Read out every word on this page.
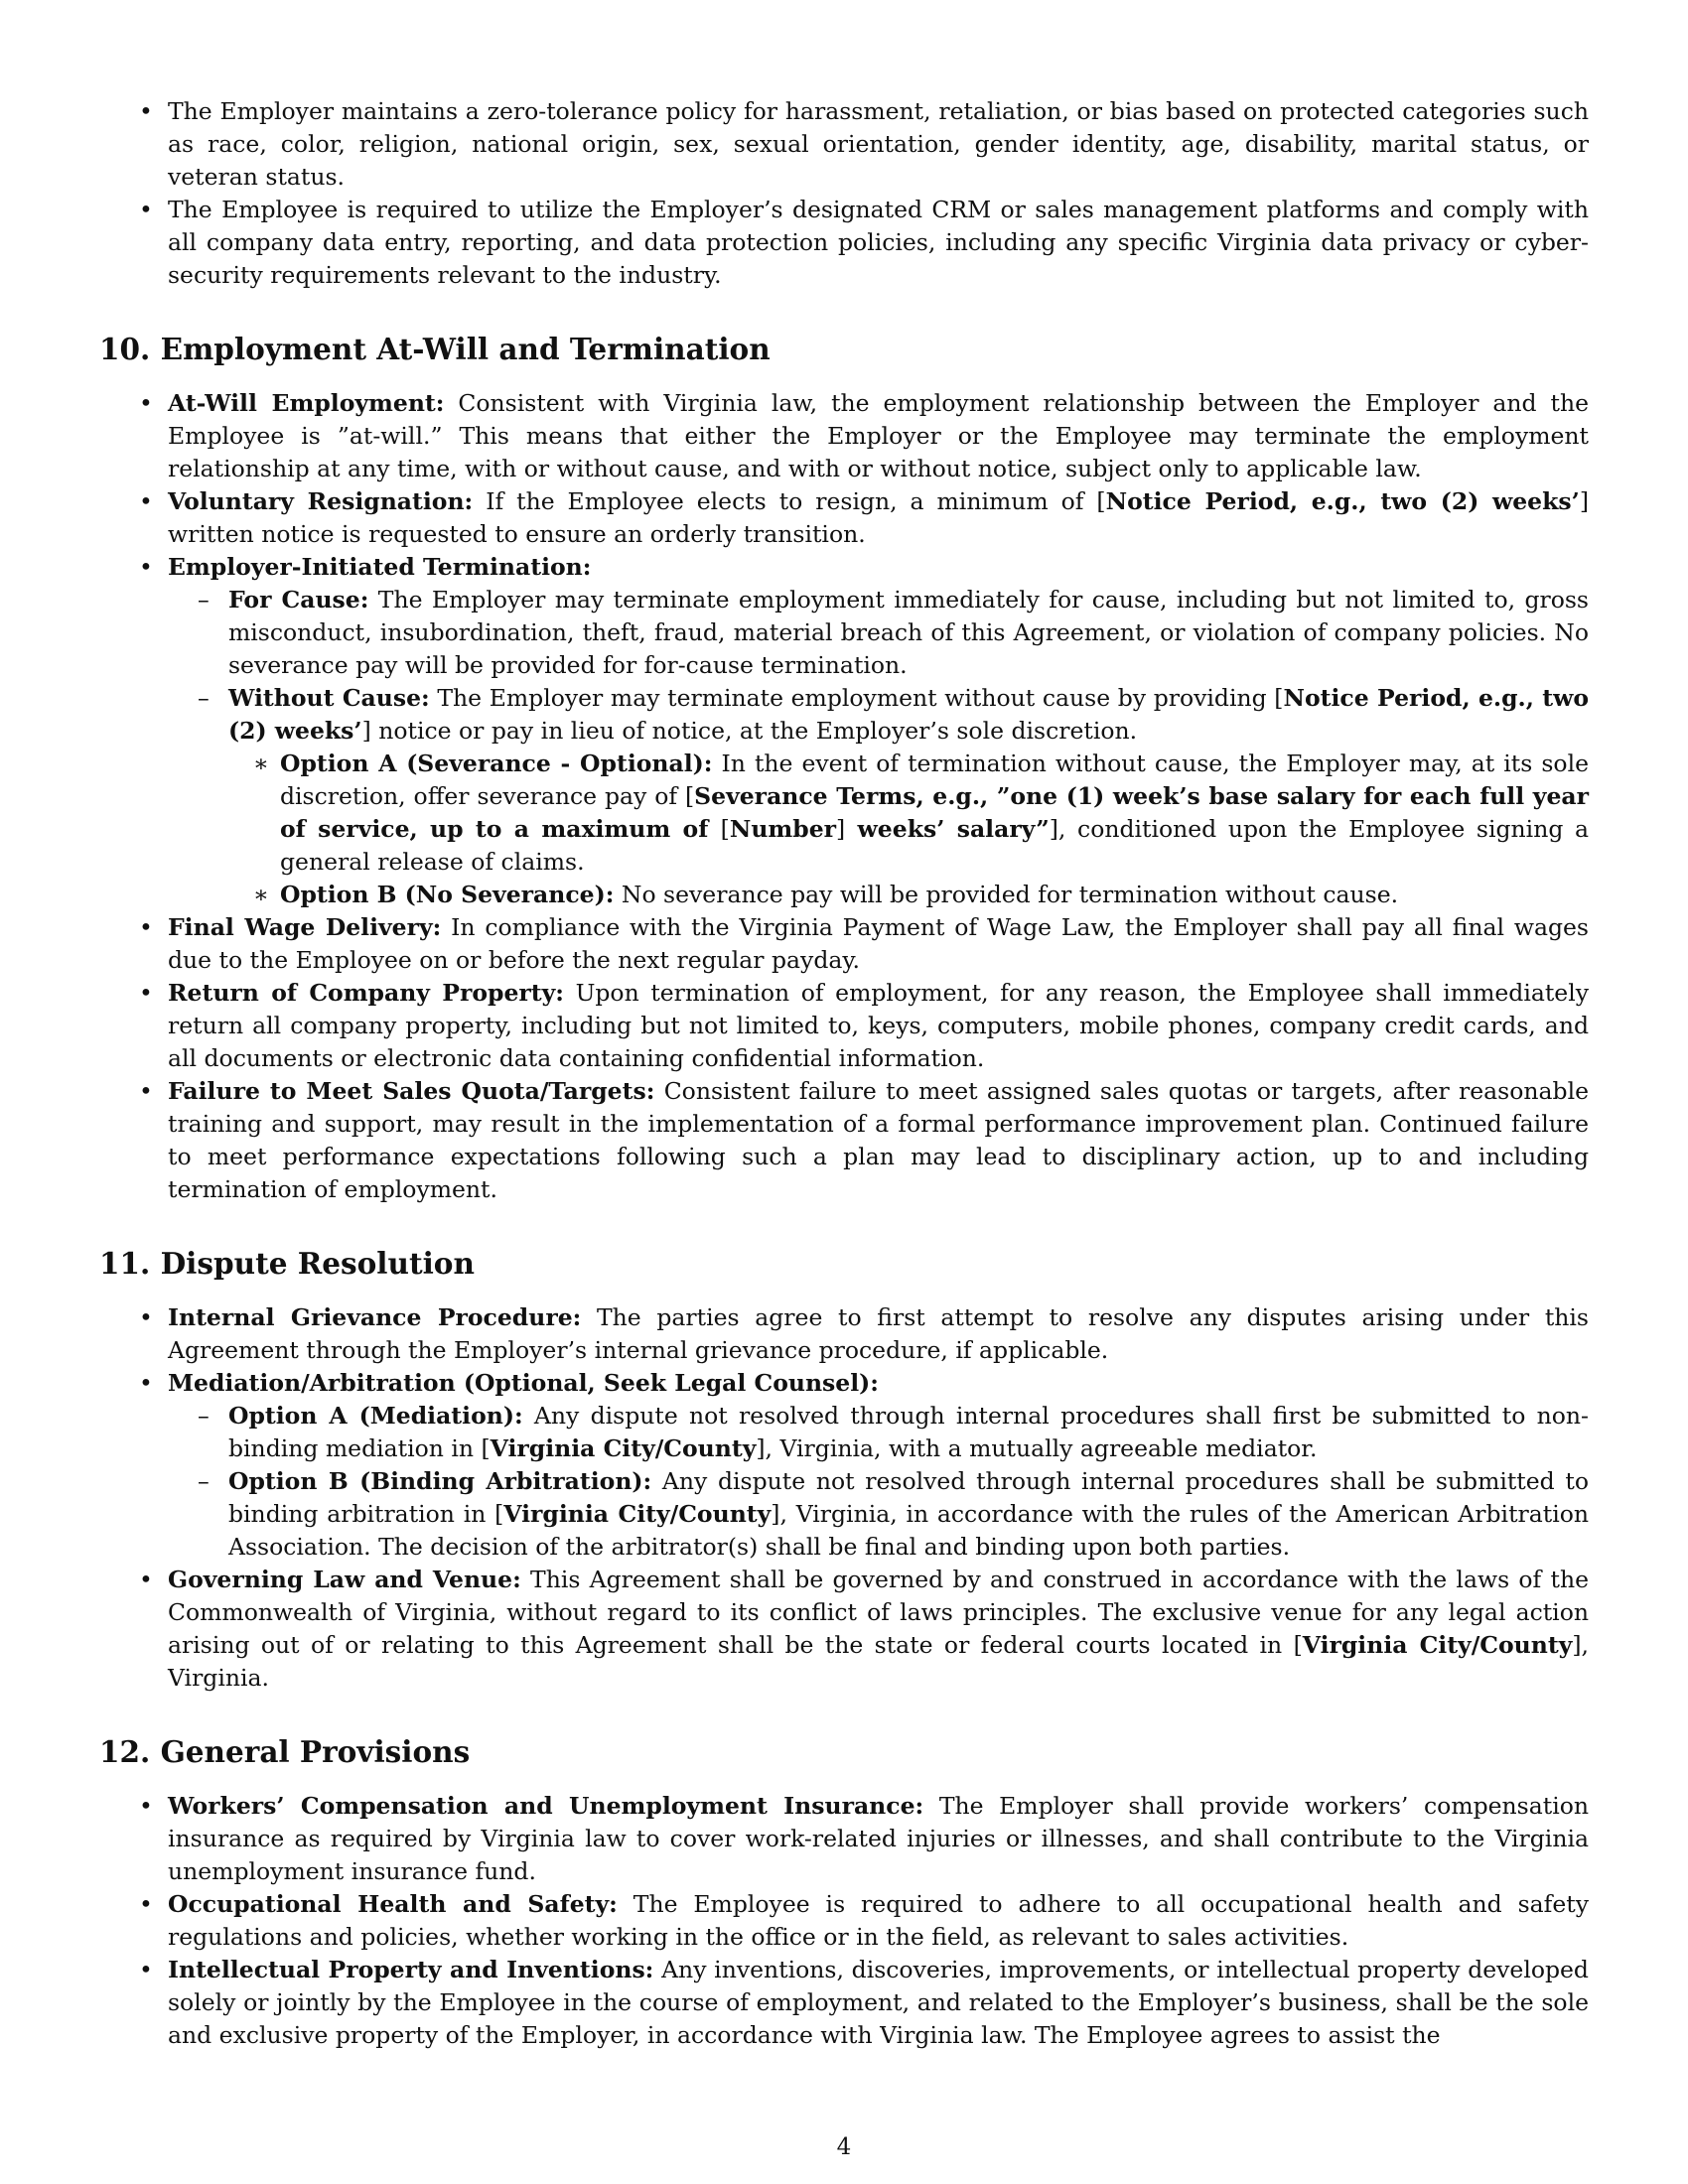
• The Employer maintains a zero-tolerance policy for harassment, retaliation, or bias based on protected categories such as race, color, religion, national origin, sex, sexual orientation, gender identity, age, disability, marital status, or veteran status.
• The Employee is required to utilize the Employer’s designated CRM or sales management platforms and comply with all company data entry, reporting, and data protection policies, including any specific Virginia data privacy or cyber-security requirements relevant to the industry.
10. Employment At-Will and Termination
• At-Will Employment: Consistent with Virginia law, the employment relationship between the Employer and the Employee is ”at-will.” This means that either the Employer or the Employee may terminate the employment relationship at any time, with or without cause, and with or without notice, subject only to applicable law.
• Voluntary Resignation: If the Employee elects to resign, a minimum of [Notice Period, e.g., two (2) weeks’] written notice is requested to ensure an orderly transition.
• Employer-Initiated Termination:
– For Cause: The Employer may terminate employment immediately for cause, including but not limited to, gross misconduct, insubordination, theft, fraud, material breach of this Agreement, or violation of company policies. No severance pay will be provided for for-cause termination.
– Without Cause: The Employer may terminate employment without cause by providing [Notice Period, e.g., two (2) weeks’] notice or pay in lieu of notice, at the Employer’s sole discretion.
∗ Option A (Severance - Optional): In the event of termination without cause, the Employer may, at its sole discretion, offer severance pay of [Severance Terms, e.g., ”one (1) week’s base salary for each full year of service, up to a maximum of [Number] weeks’ salary”], conditioned upon the Employee signing a general release of claims.
∗ Option B (No Severance): No severance pay will be provided for termination without cause.
• Final Wage Delivery: In compliance with the Virginia Payment of Wage Law, the Employer shall pay all final wages due to the Employee on or before the next regular payday.
• Return of Company Property: Upon termination of employment, for any reason, the Employee shall immediately return all company property, including but not limited to, keys, computers, mobile phones, company credit cards, and all documents or electronic data containing confidential information.
• Failure to Meet Sales Quota/Targets: Consistent failure to meet assigned sales quotas or targets, after reasonable training and support, may result in the implementation of a formal performance improvement plan. Continued failure to meet performance expectations following such a plan may lead to disciplinary action, up to and including termination of employment.
11. Dispute Resolution
• Internal Grievance Procedure: The parties agree to first attempt to resolve any disputes arising under this Agreement through the Employer’s internal grievance procedure, if applicable.
• Mediation/Arbitration (Optional, Seek Legal Counsel):
– Option A (Mediation): Any dispute not resolved through internal procedures shall first be submitted to non-binding mediation in [Virginia City/County], Virginia, with a mutually agreeable mediator.
– Option B (Binding Arbitration): Any dispute not resolved through internal procedures shall be submitted to binding arbitration in [Virginia City/County], Virginia, in accordance with the rules of the American Arbitration Association. The decision of the arbitrator(s) shall be final and binding upon both parties.
• Governing Law and Venue: This Agreement shall be governed by and construed in accordance with the laws of the Commonwealth of Virginia, without regard to its conflict of laws principles. The exclusive venue for any legal action arising out of or relating to this Agreement shall be the state or federal courts located in [Virginia City/County], Virginia.
12. General Provisions
• Workers’ Compensation and Unemployment Insurance: The Employer shall provide workers’ compensation insurance as required by Virginia law to cover work-related injuries or illnesses, and shall contribute to the Virginia unemployment insurance fund.
• Occupational Health and Safety: The Employee is required to adhere to all occupational health and safety regulations and policies, whether working in the office or in the field, as relevant to sales activities.
• Intellectual Property and Inventions: Any inventions, discoveries, improvements, or intellectual property developed solely or jointly by the Employee in the course of employment, and related to the Employer’s business, shall be the sole and exclusive property of the Employer, in accordance with Virginia law. The Employee agrees to assist the
4
